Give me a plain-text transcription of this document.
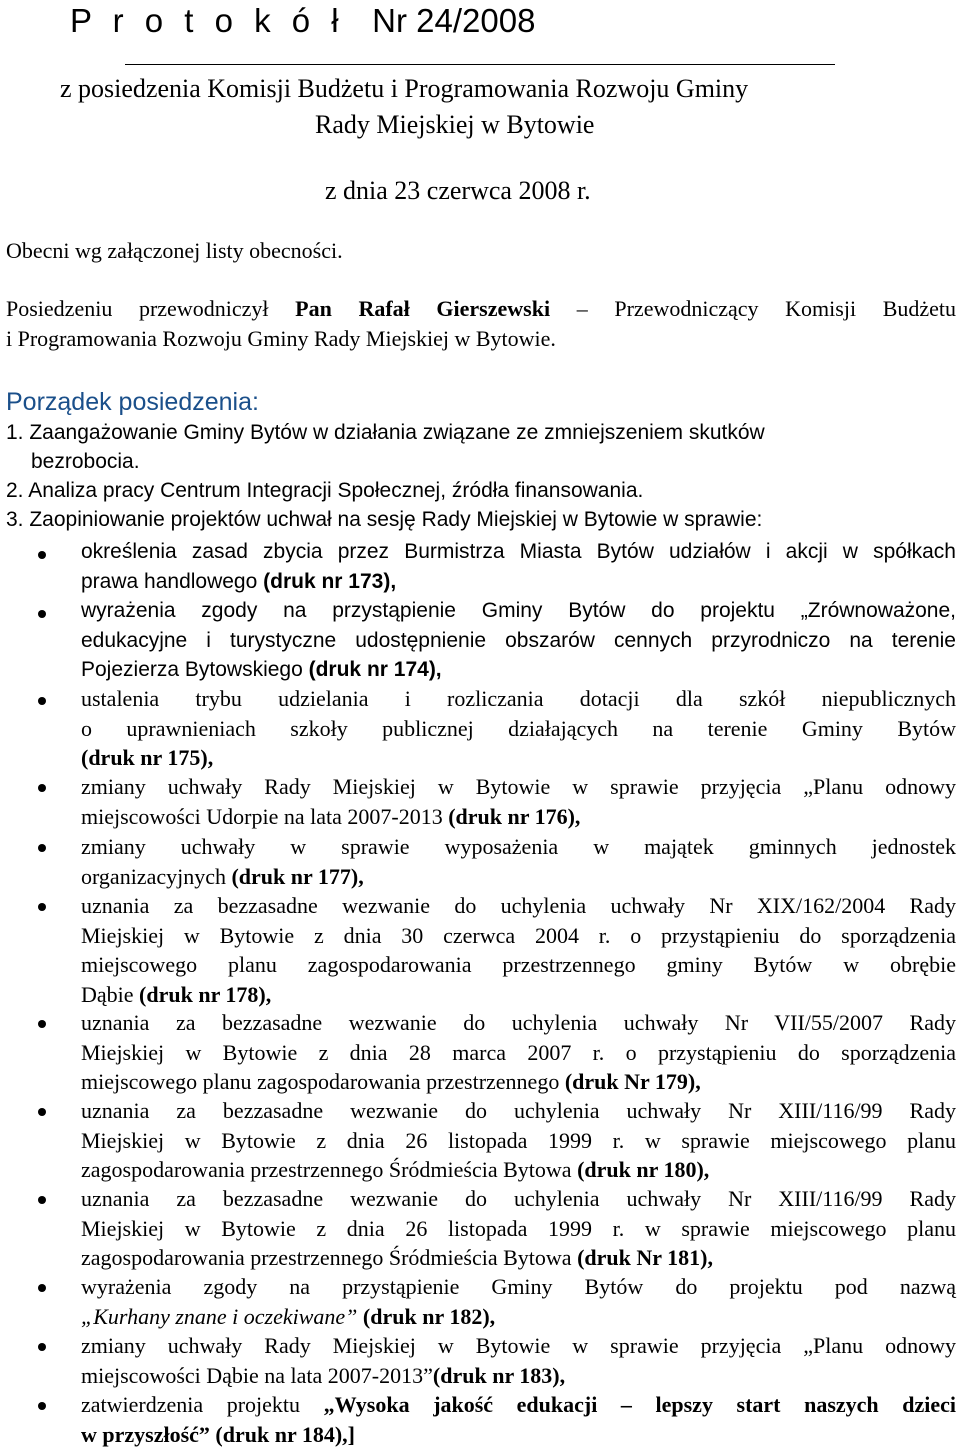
P r o t o k ó ł Nr 24/2008
z posiedzenia Komisji Budżetu i Programowania Rozwoju Gminy
Rady Miejskiej w Bytowie
z dnia 23 czerwca 2008 r.
Obecni wg załączonej listy obecności.
Posiedzeniu przewodniczył Pan Rafał Gierszewski – Przewodniczący Komisji Budżetu
i Programowania Rozwoju Gminy Rady Miejskiej w Bytowie.
Porządek posiedzenia:
1. Zaangażowanie Gminy Bytów w działania związane ze zmniejszeniem skutków
bezrobocia.
2. Analiza pracy Centrum Integracji Społecznej, źródła finansowania.
3. Zaopiniowanie projektów uchwał na sesję Rady Miejskiej w Bytowie w sprawie:
określenia zasad zbycia przez Burmistrza Miasta Bytów udziałów i akcji w spółkach
prawa handlowego (druk nr 173),
wyrażenia zgody na przystąpienie Gminy Bytów do projektu „Zrównoważone,
edukacyjne i turystyczne udostępnienie obszarów cennych przyrodniczo na terenie
Pojezierza Bytowskiego (druk nr 174),
ustalenia trybu udzielania i rozliczania dotacji dla szkół niepublicznych
o uprawnieniach szkoły publicznej działających na terenie Gminy Bytów
(druk nr 175),
zmiany uchwały Rady Miejskiej w Bytowie w sprawie przyjęcia „Planu odnowy
miejscowości Udorpie na lata 2007-2013 (druk nr 176),
zmiany uchwały w sprawie wyposażenia w majątek gminnych jednostek
organizacyjnych (druk nr 177),
uznania za bezzasadne wezwanie do uchylenia uchwały Nr XIX/162/2004 Rady
Miejskiej w Bytowie z dnia 30 czerwca 2004 r. o przystąpieniu do sporządzenia
miejscowego planu zagospodarowania przestrzennego gminy Bytów w obrębie
Dąbie (druk nr 178),
uznania za bezzasadne wezwanie do uchylenia uchwały Nr VII/55/2007 Rady
Miejskiej w Bytowie z dnia 28 marca 2007 r. o przystąpieniu do sporządzenia
miejscowego planu zagospodarowania przestrzennego (druk Nr 179),
uznania za bezzasadne wezwanie do uchylenia uchwały Nr XIII/116/99 Rady
Miejskiej w Bytowie z dnia 26 listopada 1999 r. w sprawie miejscowego planu
zagospodarowania przestrzennego Śródmieścia Bytowa (druk nr 180),
uznania za bezzasadne wezwanie do uchylenia uchwały Nr XIII/116/99 Rady
Miejskiej w Bytowie z dnia 26 listopada 1999 r. w sprawie miejscowego planu
zagospodarowania przestrzennego Śródmieścia Bytowa (druk Nr 181),
wyrażenia zgody na przystąpienie Gminy Bytów do projektu pod nazwą
„Kurhany znane i oczekiwane” (druk nr 182),
zmiany uchwały Rady Miejskiej w Bytowie w sprawie przyjęcia „Planu odnowy
miejscowości Dąbie na lata 2007-2013”(druk nr 183),
zatwierdzenia projektu „Wysoka jakość edukacji – lepszy start naszych dzieci
w przyszłość” (druk nr 184),]
